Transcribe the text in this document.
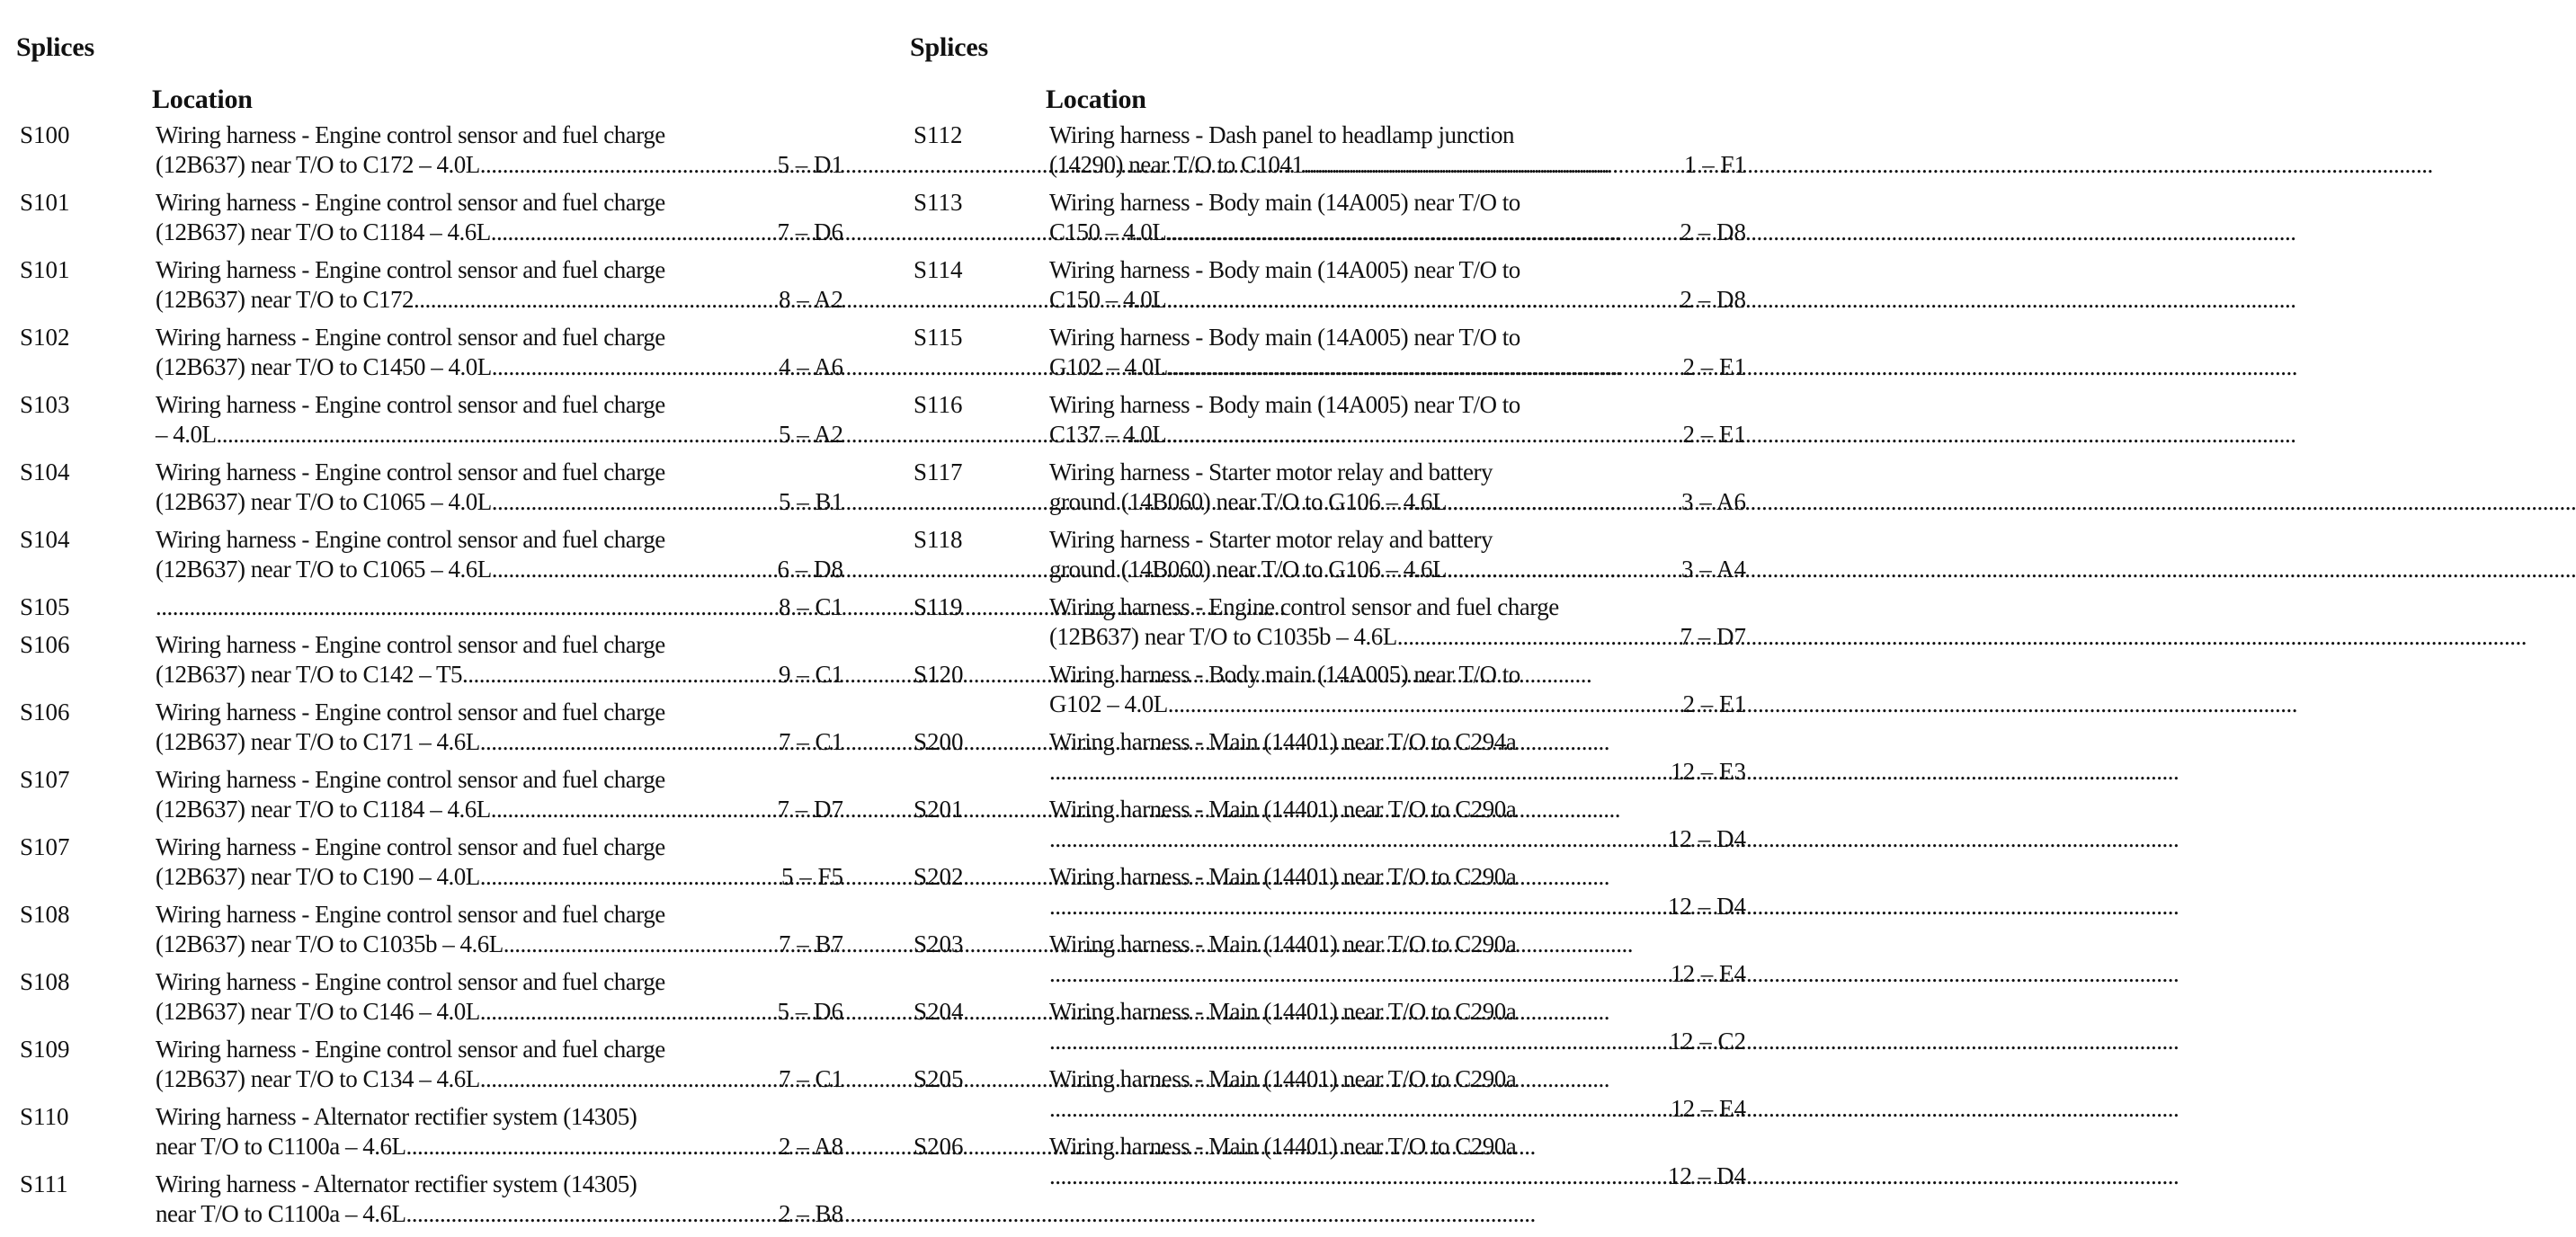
Splices
Location
S100	Wiring harness - Engine control sensor and fuel charge
(12B637) near T/O to C172 – 4.0L .....	5 – D1
S101	Wiring harness - Engine control sensor and fuel charge
(12B637) near T/O to C1184 – 4.6L .....	7 – D6
S101	Wiring harness - Engine control sensor and fuel charge
(12B637) near T/O to C172 .....	8 – A2
S102	Wiring harness - Engine control sensor and fuel charge
(12B637) near T/O to C1450 – 4.0L .....	4 – A6
S103	Wiring harness - Engine control sensor and fuel charge
– 4.0L .....	5 – A2
S104	Wiring harness - Engine control sensor and fuel charge
(12B637) near T/O to C1065 – 4.0L .....	5 – B1
S104	Wiring harness - Engine control sensor and fuel charge
(12B637) near T/O to C1065 – 4.6L .....	6 – D8
S105 .....	8 – C1
S106	Wiring harness - Engine control sensor and fuel charge
(12B637) near T/O to C142 – T5 .....	9 – C1
S106	Wiring harness - Engine control sensor and fuel charge
(12B637) near T/O to C171 – 4.6L .....	7 – C1
S107	Wiring harness - Engine control sensor and fuel charge
(12B637) near T/O to C1184 – 4.6L .....	7 – D7
S107	Wiring harness - Engine control sensor and fuel charge
(12B637) near T/O to C190 – 4.0L .....	5 – F5
S108	Wiring harness - Engine control sensor and fuel charge
(12B637) near T/O to C1035b – 4.6L .....	7 – B7
S108	Wiring harness - Engine control sensor and fuel charge
(12B637) near T/O to C146 – 4.0L .....	5 – D6
S109	Wiring harness - Engine control sensor and fuel charge
(12B637) near T/O to C134 – 4.6L .....	7 – C1
S110	Wiring harness - Alternator rectifier system (14305)
near T/O to C1100a – 4.6L .....	2 – A8
S111	Wiring harness - Alternator rectifier system (14305)
near T/O to C1100a – 4.6L .....	2 – B8
Splices
Location
S112	Wiring harness - Dash panel to headlamp junction
(14290) near T/O to C1041 .....	1 – F1
S113	Wiring harness - Body main (14A005) near T/O to
C150 – 4.0L .....	2 – D8
S114	Wiring harness - Body main (14A005) near T/O to
C150 – 4.0L .....	2 – D8
S115	Wiring harness - Body main (14A005) near T/O to
G102 – 4.0L .....	2 – E1
S116	Wiring harness - Body main (14A005) near T/O to
C137 – 4.0L .....	2 – E1
S117	Wiring harness - Starter motor relay and battery
ground (14B060) near T/O to G106 – 4.6L .....	3 – A6
S118	Wiring harness - Starter motor relay and battery
ground (14B060) near T/O to G106 – 4.6L .....	3 – A4
S119	Wiring harness - Engine control sensor and fuel charge
(12B637) near T/O to C1035b – 4.6L .....	7 – D7
S120	Wiring harness - Body main (14A005) near T/O to
G102 – 4.0L .....	2 – E1
S200	Wiring harness - Main (14401) near T/O to C294a
.....
12 – E3
S201	Wiring harness - Main (14401) near T/O to C290a
.....
12 – D4
S202	Wiring harness - Main (14401) near T/O to C290a
.....
12 – D4
S203	Wiring harness - Main (14401) near T/O to C290a
.....
12 – E4
S204	Wiring harness - Main (14401) near T/O to C290a
.....
12 – C2
S205	Wiring harness - Main (14401) near T/O to C290a
.....
12 – E4
S206	Wiring harness - Main (14401) near T/O to C290a
.....
12 – D4
